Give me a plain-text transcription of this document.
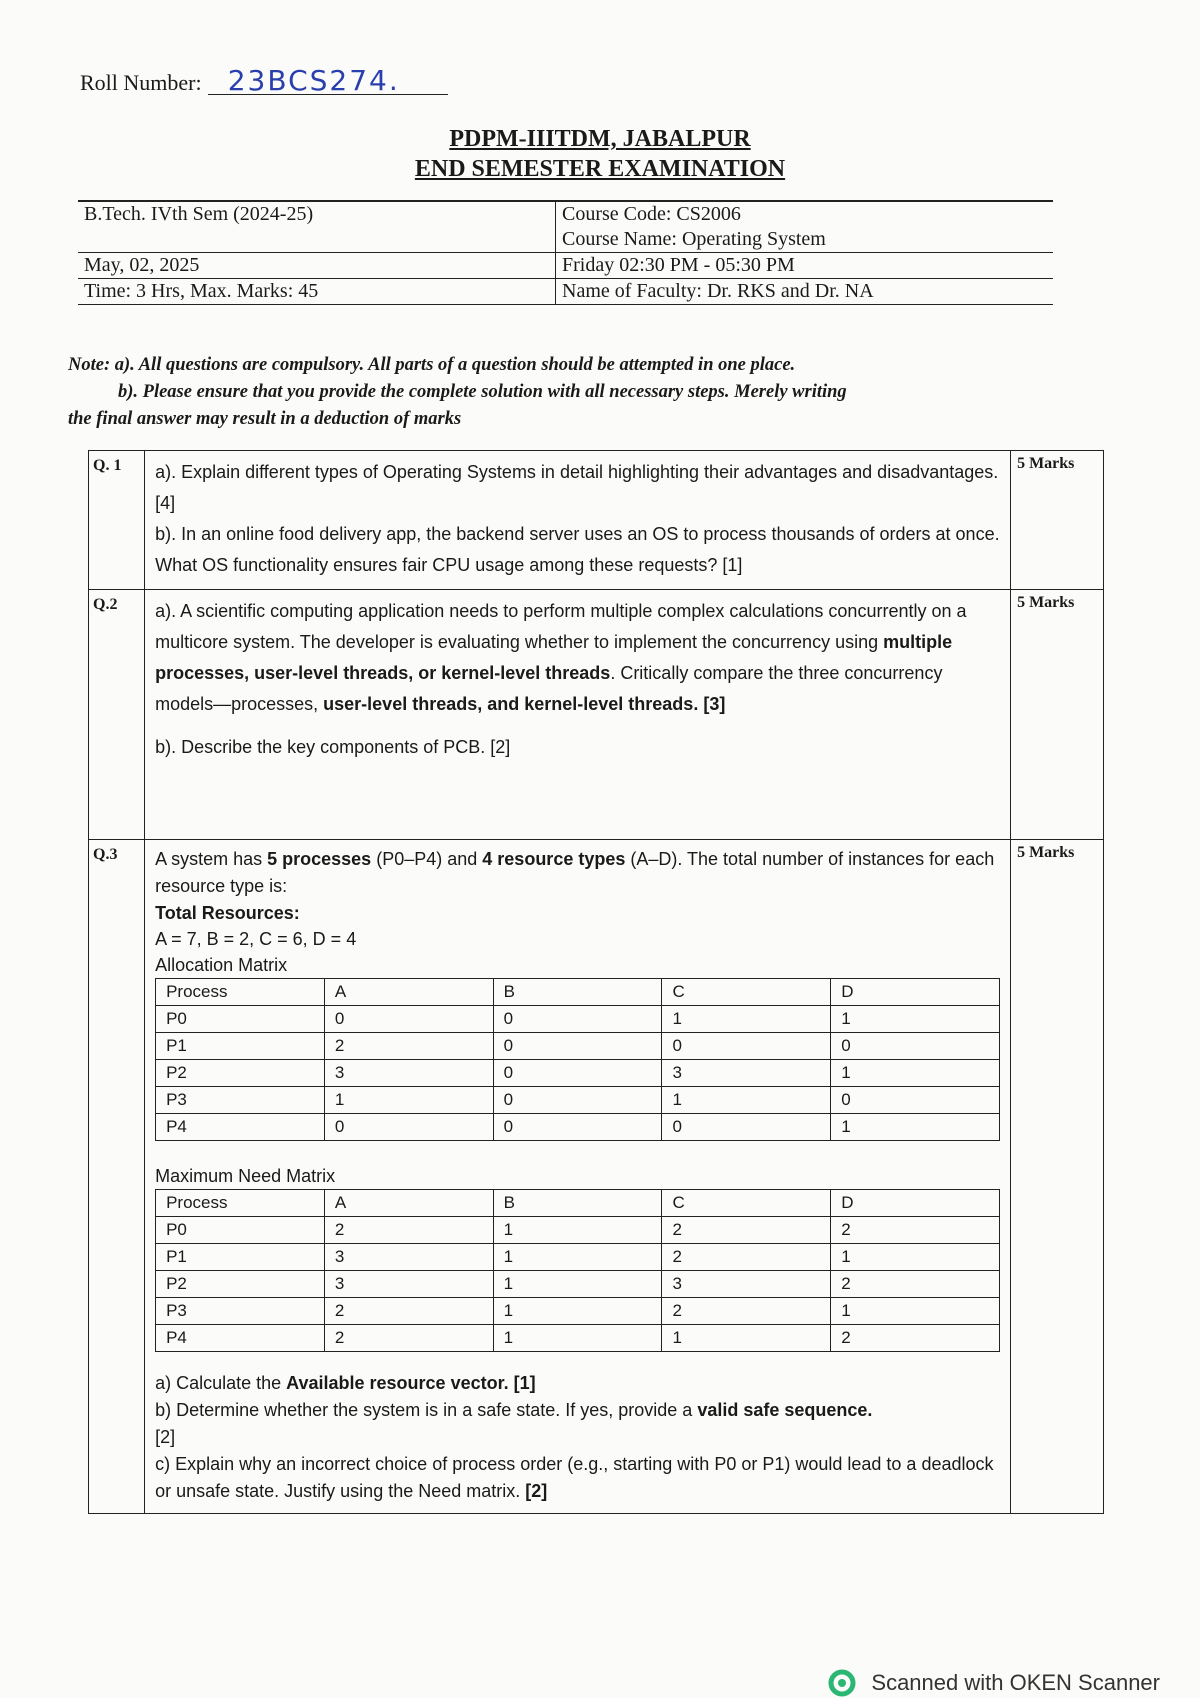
Roll Number: 23BCS274.
PDPM-IIITDM, JABALPUR
END SEMESTER EXAMINATION
B.Tech. IVth Sem (2024-25)	Course Code: CS2006
	Course Name: Operating System
May, 02, 2025	Friday 02:30 PM - 05:30 PM
Time: 3 Hrs, Max. Marks: 45	Name of Faculty: Dr. RKS and Dr. NA
Note: a). All questions are compulsory. All parts of a question should be attempted in one place.
b). Please ensure that you provide the complete solution with all necessary steps. Merely writing
the final answer may result in a deduction of marks
Q. 1	a). Explain different types of Operating Systems in detail highlighting their advantages and disadvantages. [4]

b). In an online food delivery app, the backend server uses an OS to process thousands of orders at once. What OS functionality ensures fair CPU usage among these requests? [1]

	5 Marks
Q.2	a). A scientific computing application needs to perform multiple complex calculations concurrently on a multicore system. The developer is evaluating whether to implement the concurrency using multiple processes, user-level threads, or kernel-level threads. Critically compare the three concurrency models—processes, user-level threads, and kernel-level threads. [3]

b). Describe the key components of PCB. [2]

	5 Marks
Q.3	A system has 5 processes (P0–P4) and 4 resource types (A–D). The total number of instances for each resource type is:

Total Resources:
A = 7, B = 2, C = 6, D = 4
Allocation Matrix
Process	A	B	C	D
P0	0	0	1	1
P1	2	0	0	0
P2	3	0	3	1
P3	1	0	1	0
P4	0	0	0	1
Maximum Need Matrix
Process	A	B	C	D
P0	2	1	2	2
P1	3	1	2	1
P2	3	1	3	2
P3	2	1	2	1
P4	2	1	1	2

a) Calculate the Available resource vector. [1]

b) Determine whether the system is in a safe state. If yes, provide a valid safe sequence.
[2]

c) Explain why an incorrect choice of process order (e.g., starting with P0 or P1) would lead to a deadlock or unsafe state. Justify using the Need matrix. [2]

	5 Marks
Scanned with OKEN Scanner
